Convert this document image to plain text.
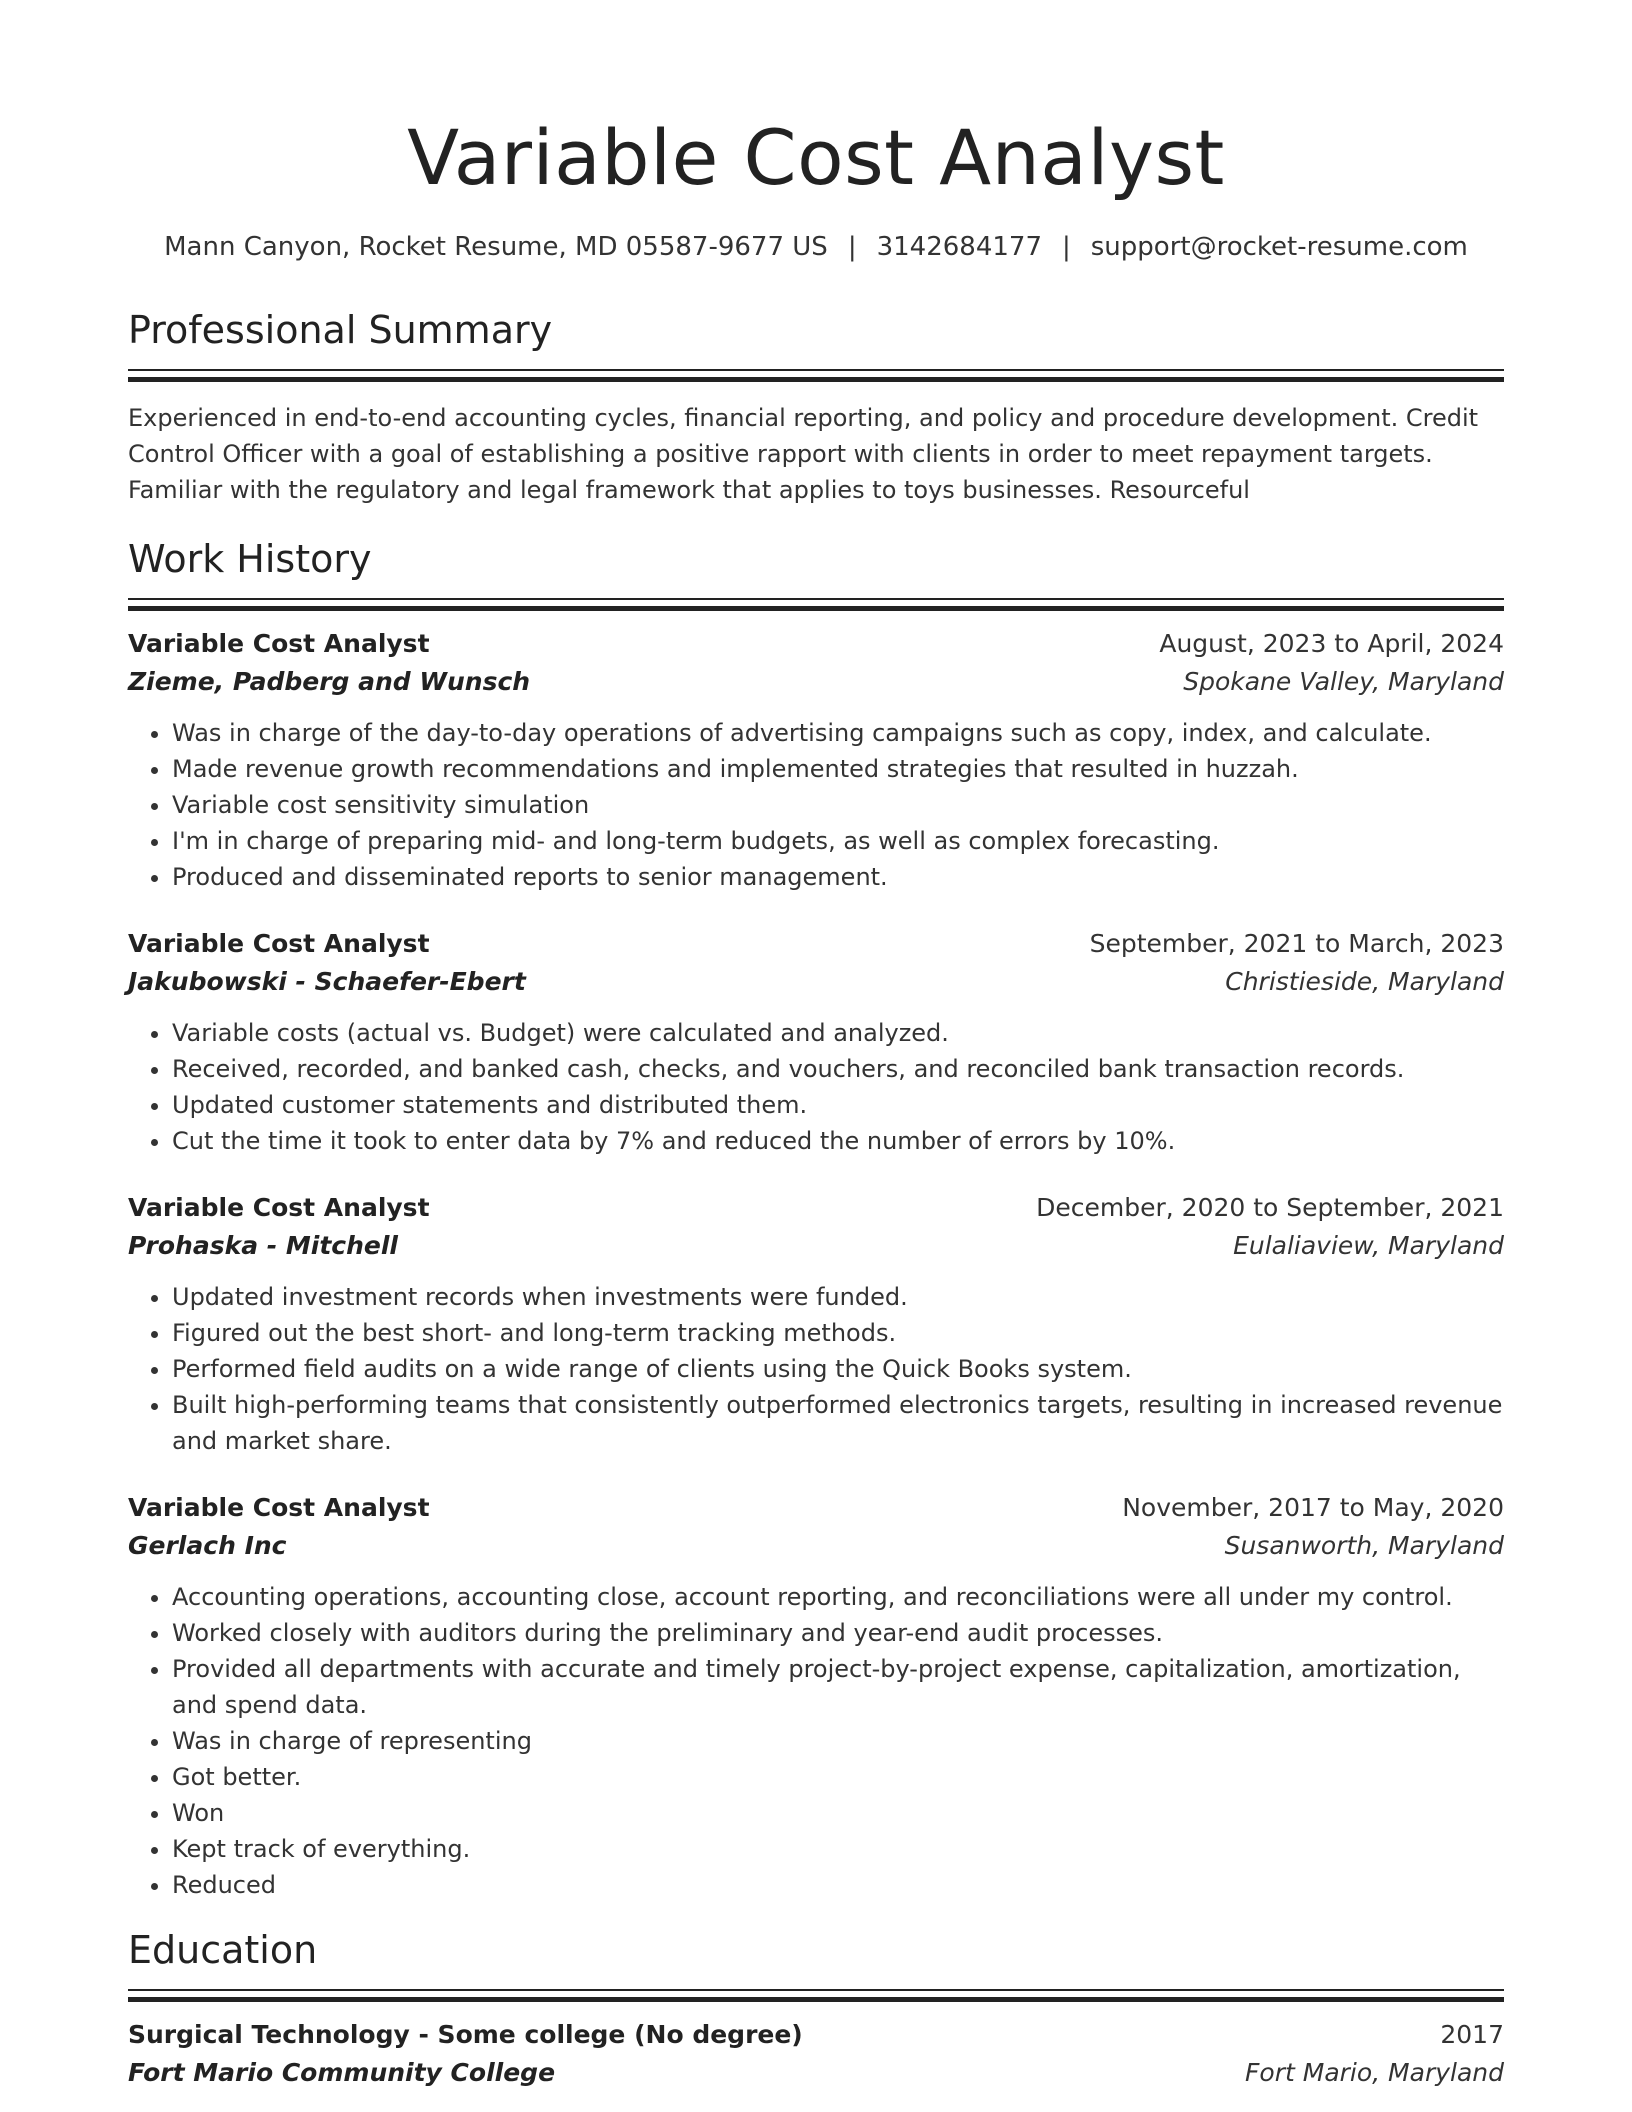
Variable Cost Analyst
Mann Canyon, Rocket Resume, MD 05587-9677 US | 3142684177 | support@rocket-resume.com
Professional Summary

Experienced in end-to-end accounting cycles, financial reporting, and policy and procedure development. Credit Control Officer with a goal of establishing a positive rapport with clients in order to meet repayment targets. Familiar with the regulatory and legal framework that applies to toys businesses. Resourceful

Work History
Variable Cost Analyst	August, 2023 to April, 2024
Zieme, Padberg and Wunsch	Spokane Valley, Maryland
• Was in charge of the day-to-day operations of advertising campaigns such as copy, index, and calculate.
• Made revenue growth recommendations and implemented strategies that resulted in huzzah.
• Variable cost sensitivity simulation
• I'm in charge of preparing mid- and long-term budgets, as well as complex forecasting.
• Produced and disseminated reports to senior management.
Variable Cost Analyst	September, 2021 to March, 2023
Jakubowski - Schaefer-Ebert	Christieside, Maryland
• Variable costs (actual vs. Budget) were calculated and analyzed.
• Received, recorded, and banked cash, checks, and vouchers, and reconciled bank transaction records.
• Updated customer statements and distributed them.
• Cut the time it took to enter data by 7% and reduced the number of errors by 10%.
Variable Cost Analyst	December, 2020 to September, 2021
Prohaska - Mitchell	Eulaliaview, Maryland
• Updated investment records when investments were funded.
• Figured out the best short- and long-term tracking methods.
• Performed field audits on a wide range of clients using the Quick Books system.
• Built high-performing teams that consistently outperformed electronics targets, resulting in increased revenue and market share.
Variable Cost Analyst	November, 2017 to May, 2020
Gerlach Inc	Susanworth, Maryland
• Accounting operations, accounting close, account reporting, and reconciliations were all under my control.
• Worked closely with auditors during the preliminary and year-end audit processes.
• Provided all departments with accurate and timely project-by-project expense, capitalization, amortization, and spend data.
• Was in charge of representing
• Got better.
• Won
• Kept track of everything.
• Reduced
Education
Surgical Technology - Some college (No degree)	2017
Fort Mario Community College	Fort Mario, Maryland
